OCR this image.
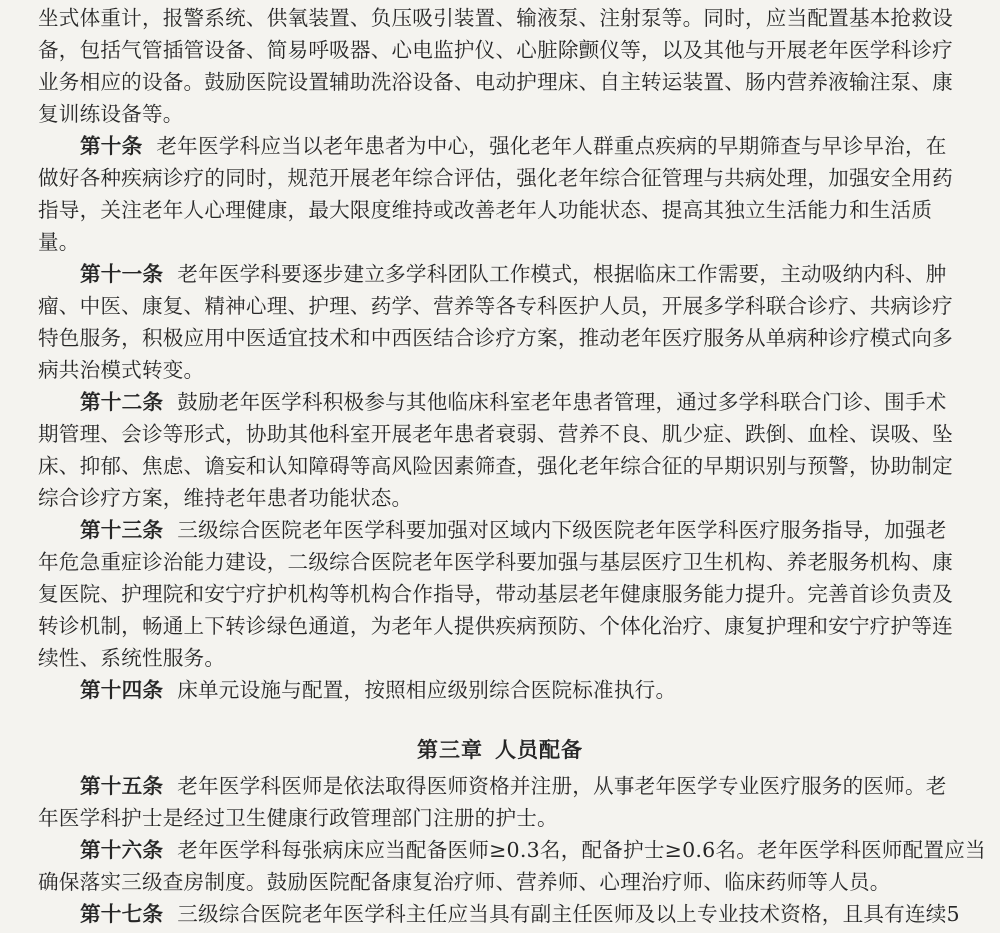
坐式体重计，报警系统、供氧装置、负压吸引装置、输液泵、注射泵等。同时，应当配置基本抢救设
备，包括气管插管设备、简易呼吸器、心电监护仪、心脏除颤仪等，以及其他与开展老年医学科诊疗
业务相应的设备。鼓励医院设置辅助洗浴设备、电动护理床、自主转运装置、肠内营养液输注泵、康
复训练设备等。
第十条 老年医学科应当以老年患者为中心，强化老年人群重点疾病的早期筛查与早诊早治，在
做好各种疾病诊疗的同时，规范开展老年综合评估，强化老年综合征管理与共病处理，加强安全用药
指导，关注老年人心理健康，最大限度维持或改善老年人功能状态、提高其独立生活能力和生活质
量。
第十一条 老年医学科要逐步建立多学科团队工作模式，根据临床工作需要，主动吸纳内科、肿
瘤、中医、康复、精神心理、护理、药学、营养等各专科医护人员，开展多学科联合诊疗、共病诊疗
特色服务，积极应用中医适宜技术和中西医结合诊疗方案，推动老年医疗服务从单病种诊疗模式向多
病共治模式转变。
第十二条 鼓励老年医学科积极参与其他临床科室老年患者管理，通过多学科联合门诊、围手术
期管理、会诊等形式，协助其他科室开展老年患者衰弱、营养不良、肌少症、跌倒、血栓、误吸、坠
床、抑郁、焦虑、谵妄和认知障碍等高风险因素筛查，强化老年综合征的早期识别与预警，协助制定
综合诊疗方案，维持老年患者功能状态。
第十三条 三级综合医院老年医学科要加强对区域内下级医院老年医学科医疗服务指导，加强老
年危急重症诊治能力建设，二级综合医院老年医学科要加强与基层医疗卫生机构、养老服务机构、康
复医院、护理院和安宁疗护机构等机构合作指导，带动基层老年健康服务能力提升。完善首诊负责及
转诊机制，畅通上下转诊绿色通道，为老年人提供疾病预防、个体化治疗、康复护理和安宁疗护等连
续性、系统性服务。
第十四条 床单元设施与配置，按照相应级别综合医院标准执行。
第三章 人员配备
第十五条 老年医学科医师是依法取得医师资格并注册，从事老年医学专业医疗服务的医师。老
年医学科护士是经过卫生健康行政管理部门注册的护士。
第十六条 老年医学科每张病床应当配备医师≥0.3名，配备护士≥0.6名。老年医学科医师配置应当
确保落实三级查房制度。鼓励医院配备康复治疗师、营养师、心理治疗师、临床药师等人员。
第十七条 三级综合医院老年医学科主任应当具有副主任医师及以上专业技术资格，且具有连续5
